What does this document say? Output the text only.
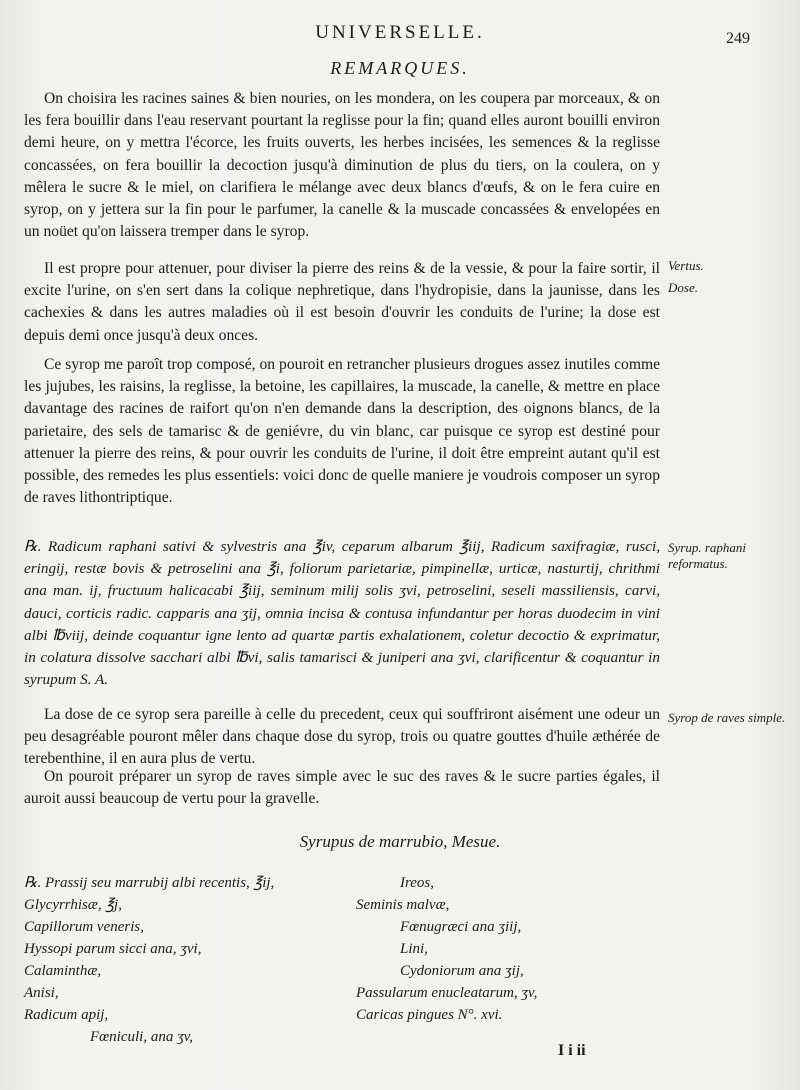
UNIVERSELLE.	249
REMARQUES.

On choisira les racines saines & bien nouries, on les mondera, on les coupera par morceaux, & on les fera bouillir dans l'eau reservant pourtant la reglisse pour la fin; quand elles auront bouilli environ demi heure, on y mettra l'écorce, les fruits ouverts, les herbes incisées, les semences & la reglisse concassées, on fera bouillir la decoction jusqu'à diminution de plus du tiers, on la coulera, on y mêlera le sucre & le miel, on clarifiera le mélange avec deux blancs d'œufs, & on le fera cuire en syrop, on y jettera sur la fin pour le parfumer, la canelle & la muscade concassées & envelopées en un noüet qu'on laissera tremper dans le syrop.

Il est propre pour attenuer, pour diviser la pierre des reins & de la vessie, & pour la faire sortir, il excite l'urine, on s'en sert dans la colique nephretique, dans l'hydropisie, dans la jaunisse, dans les cachexies & dans les autres maladies où il est besoin d'ouvrir les conduits de l'urine; la dose est depuis demi once jusqu'à deux onces.

Ce syrop me paroît trop composé, on pouroit en retrancher plusieurs drogues assez inutiles comme les jujubes, les raisins, la reglisse, la betoine, les capillaires, la muscade, la canelle, & mettre en place davantage des racines de raifort qu'on n'en demande dans la description, des oignons blancs, de la parietaire, des sels de tamarisc & de geniévre, du vin blanc, car puisque ce syrop est destiné pour attenuer la pierre des reins, & pour ouvrir les conduits de l'urine, il doit être empreint autant qu'il est possible, des remedes les plus essentiels: voici donc de quelle maniere je voudrois composer un syrop de raves lithontriptique.

℞. Radicum raphani sativi & sylvestris ana ℥iv, ceparum albarum ℥iij, Radicum saxifragiæ, rusci, eringij, restæ bovis & petroselini ana ℥i, foliorum parietariæ, pimpinellæ, urticæ, nasturtij, chrithmi ana man. ij, fructuum halicacabi ℥iij, seminum milij solis ʒvi, petroselini, seseli massiliensis, carvi, dauci, corticis radic. capparis ana ʒij, omnia incisa & contusa infundantur per horas duodecim in vini albi ℔viij, deinde coquantur igne lento ad quartæ partis exhalationem, coletur decoctio & exprimatur, in colatura dissolve sacchari albi ℔vi, salis tamarisci & juniperi ana ʒvi, clarificentur & coquantur in syrupum S. A.

La dose de ce syrop sera pareille à celle du precedent, ceux qui souffriront aisément une odeur un peu desagréable pouront mêler dans chaque dose du syrop, trois ou quatre gouttes d'huile æthérée de terebenthine, il en aura plus de vertu.

On pouroit préparer un syrop de raves simple avec le suc des raves & le sucre parties égales, il auroit aussi beaucoup de vertu pour la gravelle.

Vertus.
Dose.
Syrup. raphani reformatus.
Syrop de raves simple.
Syrupus de marrubio, Mesue.
℞. Prassij seu marrubij albi recentis, ℥ij,
Glycyrrhisæ, ℥j,
Capillorum veneris,
Hyssopi parum sicci ana, ʒvi,
Calaminthæ,
Anisi,
Radicum apij,
Fœniculi, ana ʒv,
Ireos,
Seminis malvæ,
Fœnugræci ana ʒiij,
Lini,
Cydoniorum ana ʒij,
Passularum enucleatarum, ʒv,
Caricas pingues N°. xvi.
I i ii
